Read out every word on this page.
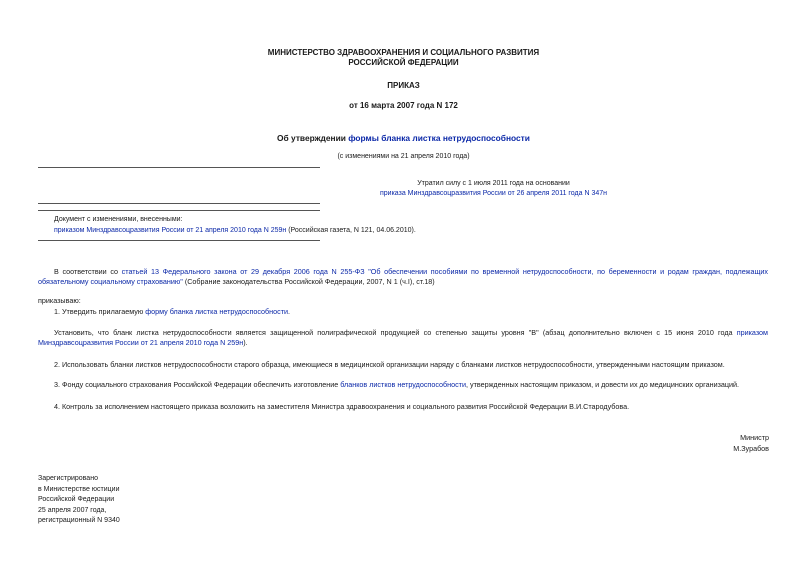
МИНИСТЕРСТВО ЗДРАВООХРАНЕНИЯ И СОЦИАЛЬНОГО РАЗВИТИЯ
РОССИЙСКОЙ ФЕДЕРАЦИИ
ПРИКАЗ
от 16 марта 2007 года N 172
Об утверждении формы бланка листка нетрудоспособности
(с изменениями на 21 апреля 2010 года)
Утратил силу с 1 июля 2011 года на основании
приказа Минздравсоцразвития России от 26 апреля 2011 года N 347н
Документ с изменениями, внесенными:
приказом Минздравсоцразвития России от 21 апреля 2010 года N 259н (Российская газета, N 121, 04.06.2010).
В соответствии со статьей 13 Федерального закона от 29 декабря 2006 года N 255-ФЗ "Об обеспечении пособиями по временной нетрудоспособности, по беременности и родам граждан, подлежащих обязательному социальному страхованию" (Собрание законодательства Российской Федерации, 2007, N 1 (ч.I), ст.18)
приказываю:
1. Утвердить прилагаемую форму бланка листка нетрудоспособности.
Установить, что бланк листка нетрудоспособности является защищенной полиграфической продукцией со степенью защиты уровня "В" (абзац дополнительно включен с 15 июня 2010 года приказом Минздравсоцразвития России от 21 апреля 2010 года N 259н).
2. Использовать бланки листков нетрудоспособности старого образца, имеющиеся в медицинской организации наряду с бланками листков нетрудоспособности, утвержденными настоящим приказом.
3. Фонду социального страхования Российской Федерации обеспечить изготовление бланков листков нетрудоспособности, утвержденных настоящим приказом, и довести их до медицинских организаций.
4. Контроль за исполнением настоящего приказа возложить на заместителя Министра здравоохранения и социального развития Российской Федерации В.И.Стародубова.
Министр
М.Зурабов
Зарегистрировано
в Министерстве юстиции
Российской Федерации
25 апреля 2007 года,
регистрационный N 9340
